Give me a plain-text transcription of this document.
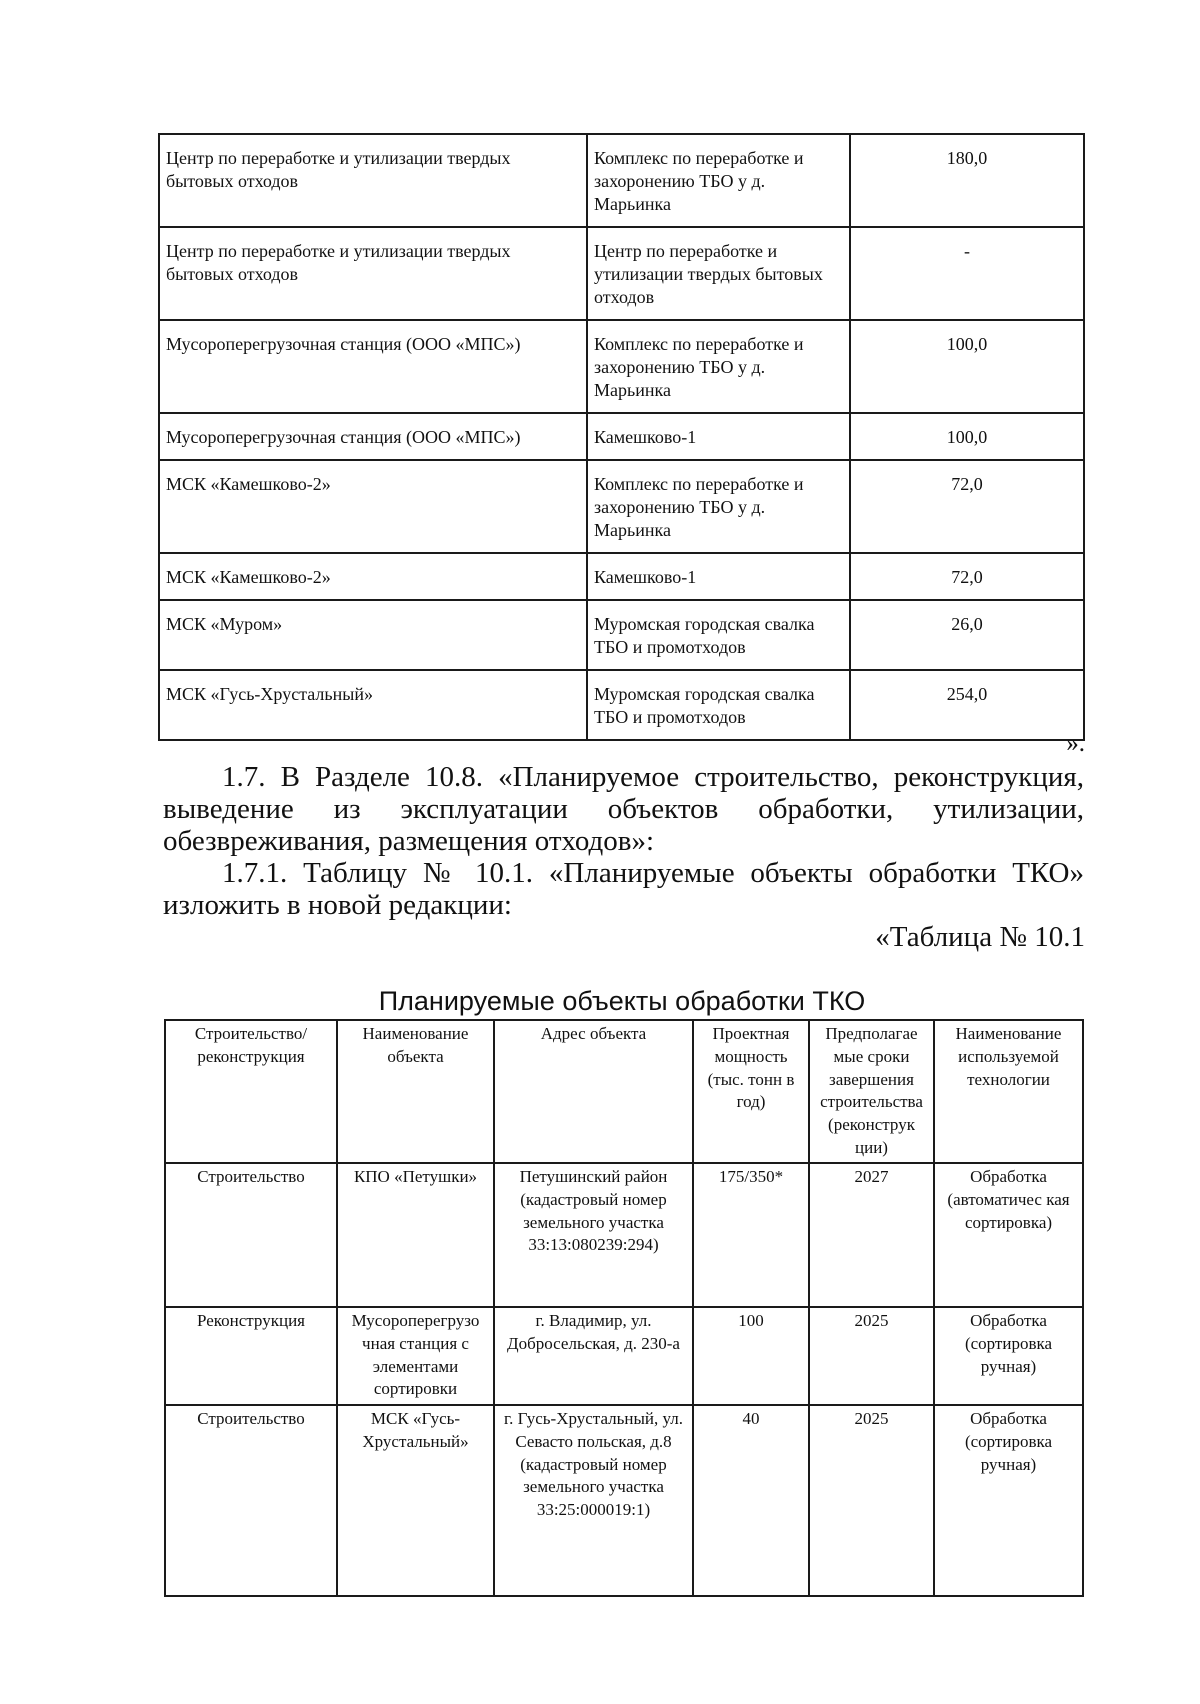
Центр по переработке и утилизации твердых бытовых отходов	Комплекс по переработке и захоронению ТБО у д. Марьинка	180,0
Центр по переработке и утилизации твердых бытовых отходов	Центр по переработке и утилизации твердых бытовых отходов	-
Мусороперегрузочная станция (ООО «МПС»)	Комплекс по переработке и захоронению ТБО у д. Марьинка	100,0
Мусороперегрузочная станция (ООО «МПС»)	Камешково-1	100,0
МСК «Камешково-2»	Комплекс по переработке и захоронению ТБО у д. Марьинка	72,0
МСК «Камешково-2»	Камешково-1	72,0
МСК «Муром»	Муромская городская свалка ТБО и промотходов	26,0
МСК «Гусь-Хрустальный»	Муромская городская свалка ТБО и промотходов	254,0
».
1.7. В Разделе 10.8. «Планируемое строительство, реконструкция,
выведение из эксплуатации объектов обработки, утилизации,
обезвреживания, размещения отходов»:
1.7.1. Таблицу № 10.1. «Планируемые объекты обработки ТКО»
изложить в новой редакции:
«Таблица № 10.1
Планируемые объекты обработки ТКО
Строительство/ реконструкция	Наименование объекта	Адрес объекта	Проектная мощность (тыс. тонн в год)	Предполагае мые сроки завершения строительства (реконструк ции)	Наименование используемой технологии
Строительство	КПО «Петушки»	Петушинский район (кадастровый номер земельного участка 33:13:080239:294)	175/350*	2027	Обработка (автоматичес кая сортировка)
Реконструкция	Мусороперегрузо чная станция с элементами сортировки	г. Владимир, ул. Добросельская, д. 230-а	100	2025	Обработка (сортировка ручная)
Строительство	МСК «Гусь-Хрустальный»	г. Гусь-Хрустальный, ул. Севасто польская, д.8 (кадастровый номер земельного участка 33:25:000019:1)	40	2025	Обработка (сортировка ручная)
